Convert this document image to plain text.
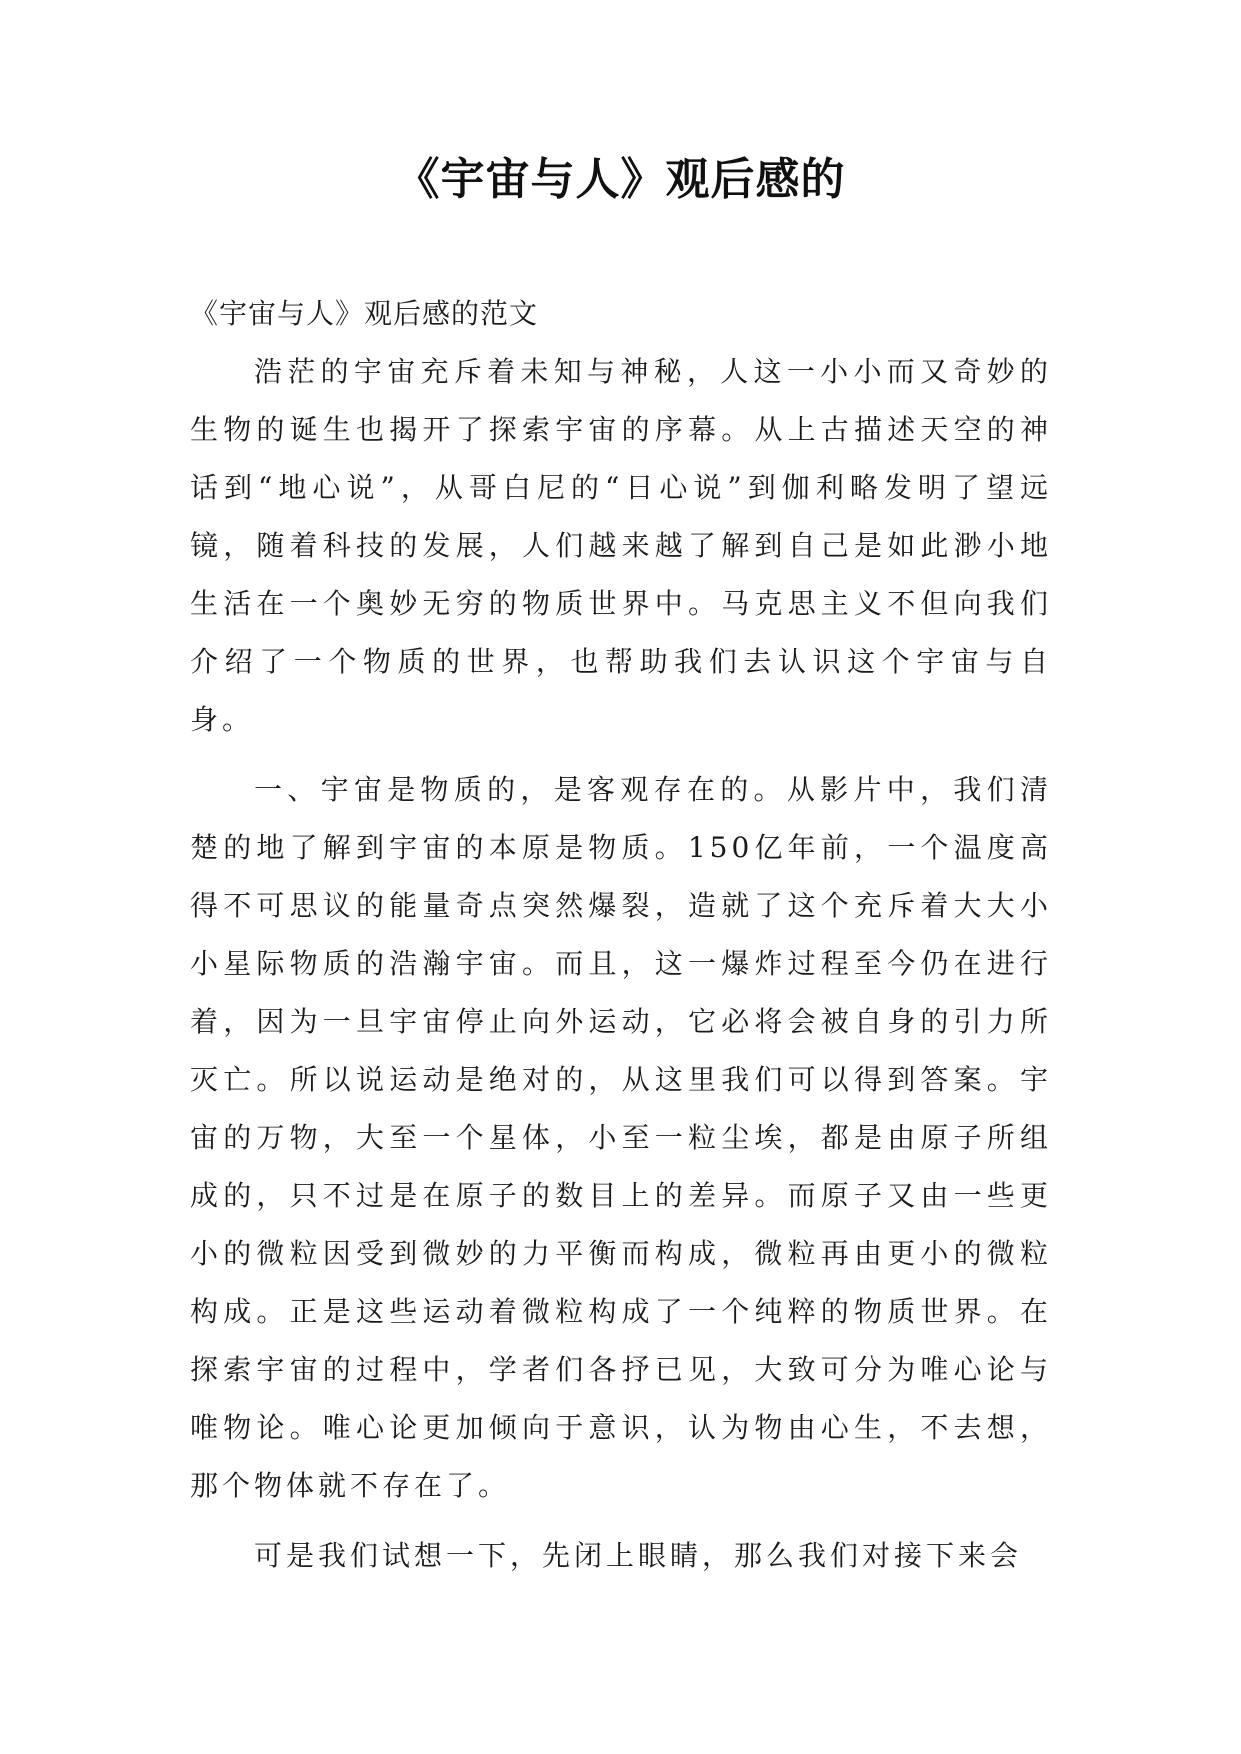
《宇宙与人》观后感的

《宇宙与人》观后感的范文

浩茫的宇宙充斥着未知与神秘，人这一小小而又奇妙的生物的诞生也揭开了探索宇宙的序幕。从上古描述天空的神话到“地心说”，从哥白尼的“日心说”到伽利略发明了望远镜，随着科技的发展，人们越来越了解到自己是如此渺小地生活在一个奥妙无穷的物质世界中。马克思主义不但向我们介绍了一个物质的世界，也帮助我们去认识这个宇宙与自身。

一、宇宙是物质的，是客观存在的。从影片中，我们清楚的地了解到宇宙的本原是物质。150亿年前，一个温度高得不可思议的能量奇点突然爆裂，造就了这个充斥着大大小小星际物质的浩瀚宇宙。而且，这一爆炸过程至今仍在进行着，因为一旦宇宙停止向外运动，它必将会被自身的引力所灭亡。所以说运动是绝对的，从这里我们可以得到答案。宇宙的万物，大至一个星体，小至一粒尘埃，都是由原子所组成的，只不过是在原子的数目上的差异。而原子又由一些更小的微粒因受到微妙的力平衡而构成，微粒再由更小的微粒构成。正是这些运动着微粒构成了一个纯粹的物质世界。在探索宇宙的过程中，学者们各抒已见，大致可分为唯心论与唯物论。唯心论更加倾向于意识，认为物由心生，不去想，那个物体就不存在了。

可是我们试想一下，先闭上眼睛，那么我们对接下来会
